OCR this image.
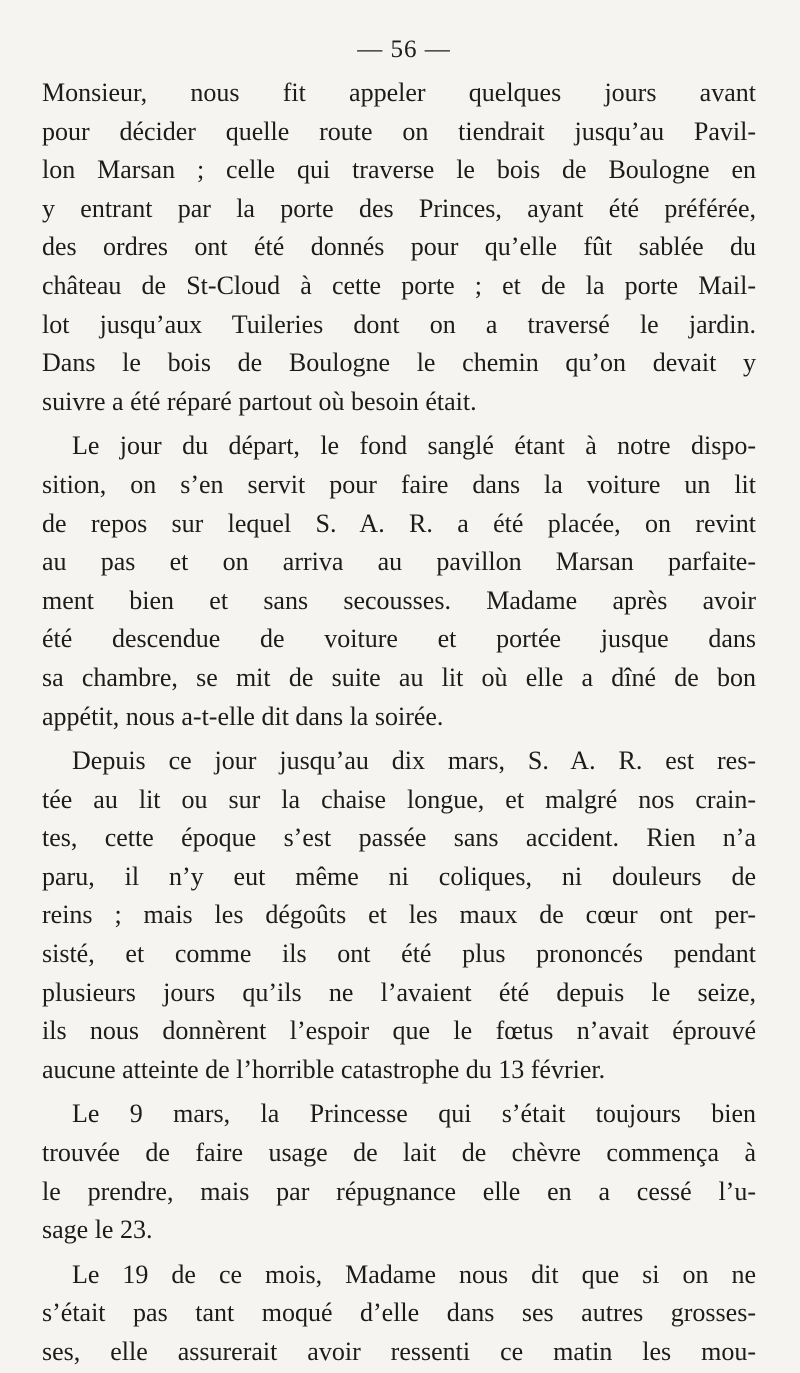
— 56 —
Monsieur, nous fit appeler quelques jours avant
pour décider quelle route on tiendrait jusqu’au Pavil-
lon Marsan ; celle qui traverse le bois de Boulogne en
y entrant par la porte des Princes, ayant été préférée,
des ordres ont été donnés pour qu’elle fût sablée du
château de St-Cloud à cette porte ; et de la porte Mail-
lot jusqu’aux Tuileries dont on a traversé le jardin.
Dans le bois de Boulogne le chemin qu’on devait y
suivre a été réparé partout où besoin était.
Le jour du départ, le fond sanglé étant à notre dispo-
sition, on s’en servit pour faire dans la voiture un lit
de repos sur lequel S. A. R. a été placée, on revint
au pas et on arriva au pavillon Marsan parfaite-
ment bien et sans secousses. Madame après avoir
été descendue de voiture et portée jusque dans
sa chambre, se mit de suite au lit où elle a dîné de bon
appétit, nous a-t-elle dit dans la soirée.
Depuis ce jour jusqu’au dix mars, S. A. R. est res-
tée au lit ou sur la chaise longue, et malgré nos crain-
tes, cette époque s’est passée sans accident. Rien n’a
paru, il n’y eut même ni coliques, ni douleurs de
reins ; mais les dégoûts et les maux de cœur ont per-
sisté, et comme ils ont été plus prononcés pendant
plusieurs jours qu’ils ne l’avaient été depuis le seize,
ils nous donnèrent l’espoir que le fœtus n’avait éprouvé
aucune atteinte de l’horrible catastrophe du 13 février.
Le 9 mars, la Princesse qui s’était toujours bien
trouvée de faire usage de lait de chèvre commença à
le prendre, mais par répugnance elle en a cessé l’u-
sage le 23.
Le 19 de ce mois, Madame nous dit que si on ne
s’était pas tant moqué d’elle dans ses autres grosses-
ses, elle assurerait avoir ressenti ce matin les mou-
